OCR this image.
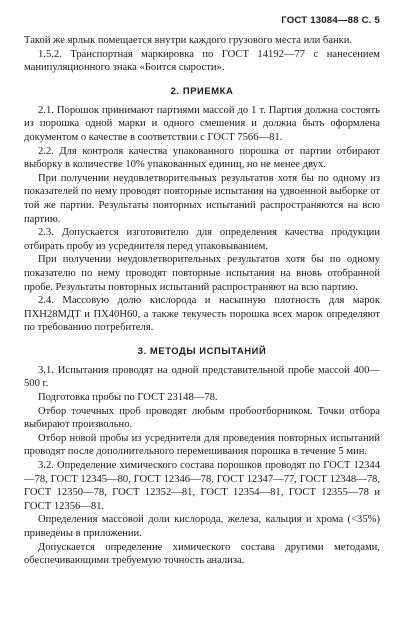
ГОСТ 13084—88 С. 5

Такой же ярлык помещается внутри каждого грузового места или банки.

1.5.2. Транспортная маркировка по ГОСТ 14192—77 с нанесением манипуляционного знака «Боится сырости».

2. ПРИЕМКА

2.1. Порошок принимают партиями массой до 1 т. Партия должна состоять из порошка одной марки и одного смешения и должна быть оформлена документом о качестве в соответствии с ГОСТ 7566—81.

2.2. Для контроля качества упакованного порошка от партии отбирают выборку в количестве 10% упакованных единиц, но не менее двух.

При получении неудовлетворительных результатов хотя бы по одному из показателей по нему проводят повторные испытания на удвоенной выборке от той же партии. Результаты повторных испытаний распространяются на всю партию.

2.3. Допускается изготовителю для определения качества продукции отбирать пробу из усреднителя перед упаковыванием.

При получении неудовлетворительных результатов хотя бы по одному показателю по нему проводят повторные испытания на вновь отобранной пробе. Результаты повторных испытаний распространяют на всю партию.

2.4. Массовую долю кислорода и насыпную плотность для марок ПХН28МДТ и ПХ40Н60, а также текучесть порошка всех марок определяют по требованию потребителя.

3. МЕТОДЫ ИСПЫТАНИЙ

3.1. Испытания проводят на одной представительной пробе массой 400—500 г.

Подготовка пробы по ГОСТ 23148—78.

Отбор точечных проб проводят любым пробоотборником. Точки отбора выбирают произвольно.

Отбор новой пробы из усреднителя для проведения повторных испытаний проводят после дополнительного перемешивания порошка в течение 5 мин.

3.2. Определение химического состава порошков проводят по ГОСТ 12344—78, ГОСТ 12345—80, ГОСТ 12346—78, ГОСТ 12347—77, ГОСТ 12348—78, ГОСТ 12350—78, ГОСТ 12352—81, ГОСТ 12354—81, ГОСТ 12355—78 и ГОСТ 12356—81.

Определения массовой доли кислорода, железа, кальция и хрома (<35%) приведены в приложении.

Допускается определение химического состава другими методами, обеспечивающими требуемую точность анализа.
